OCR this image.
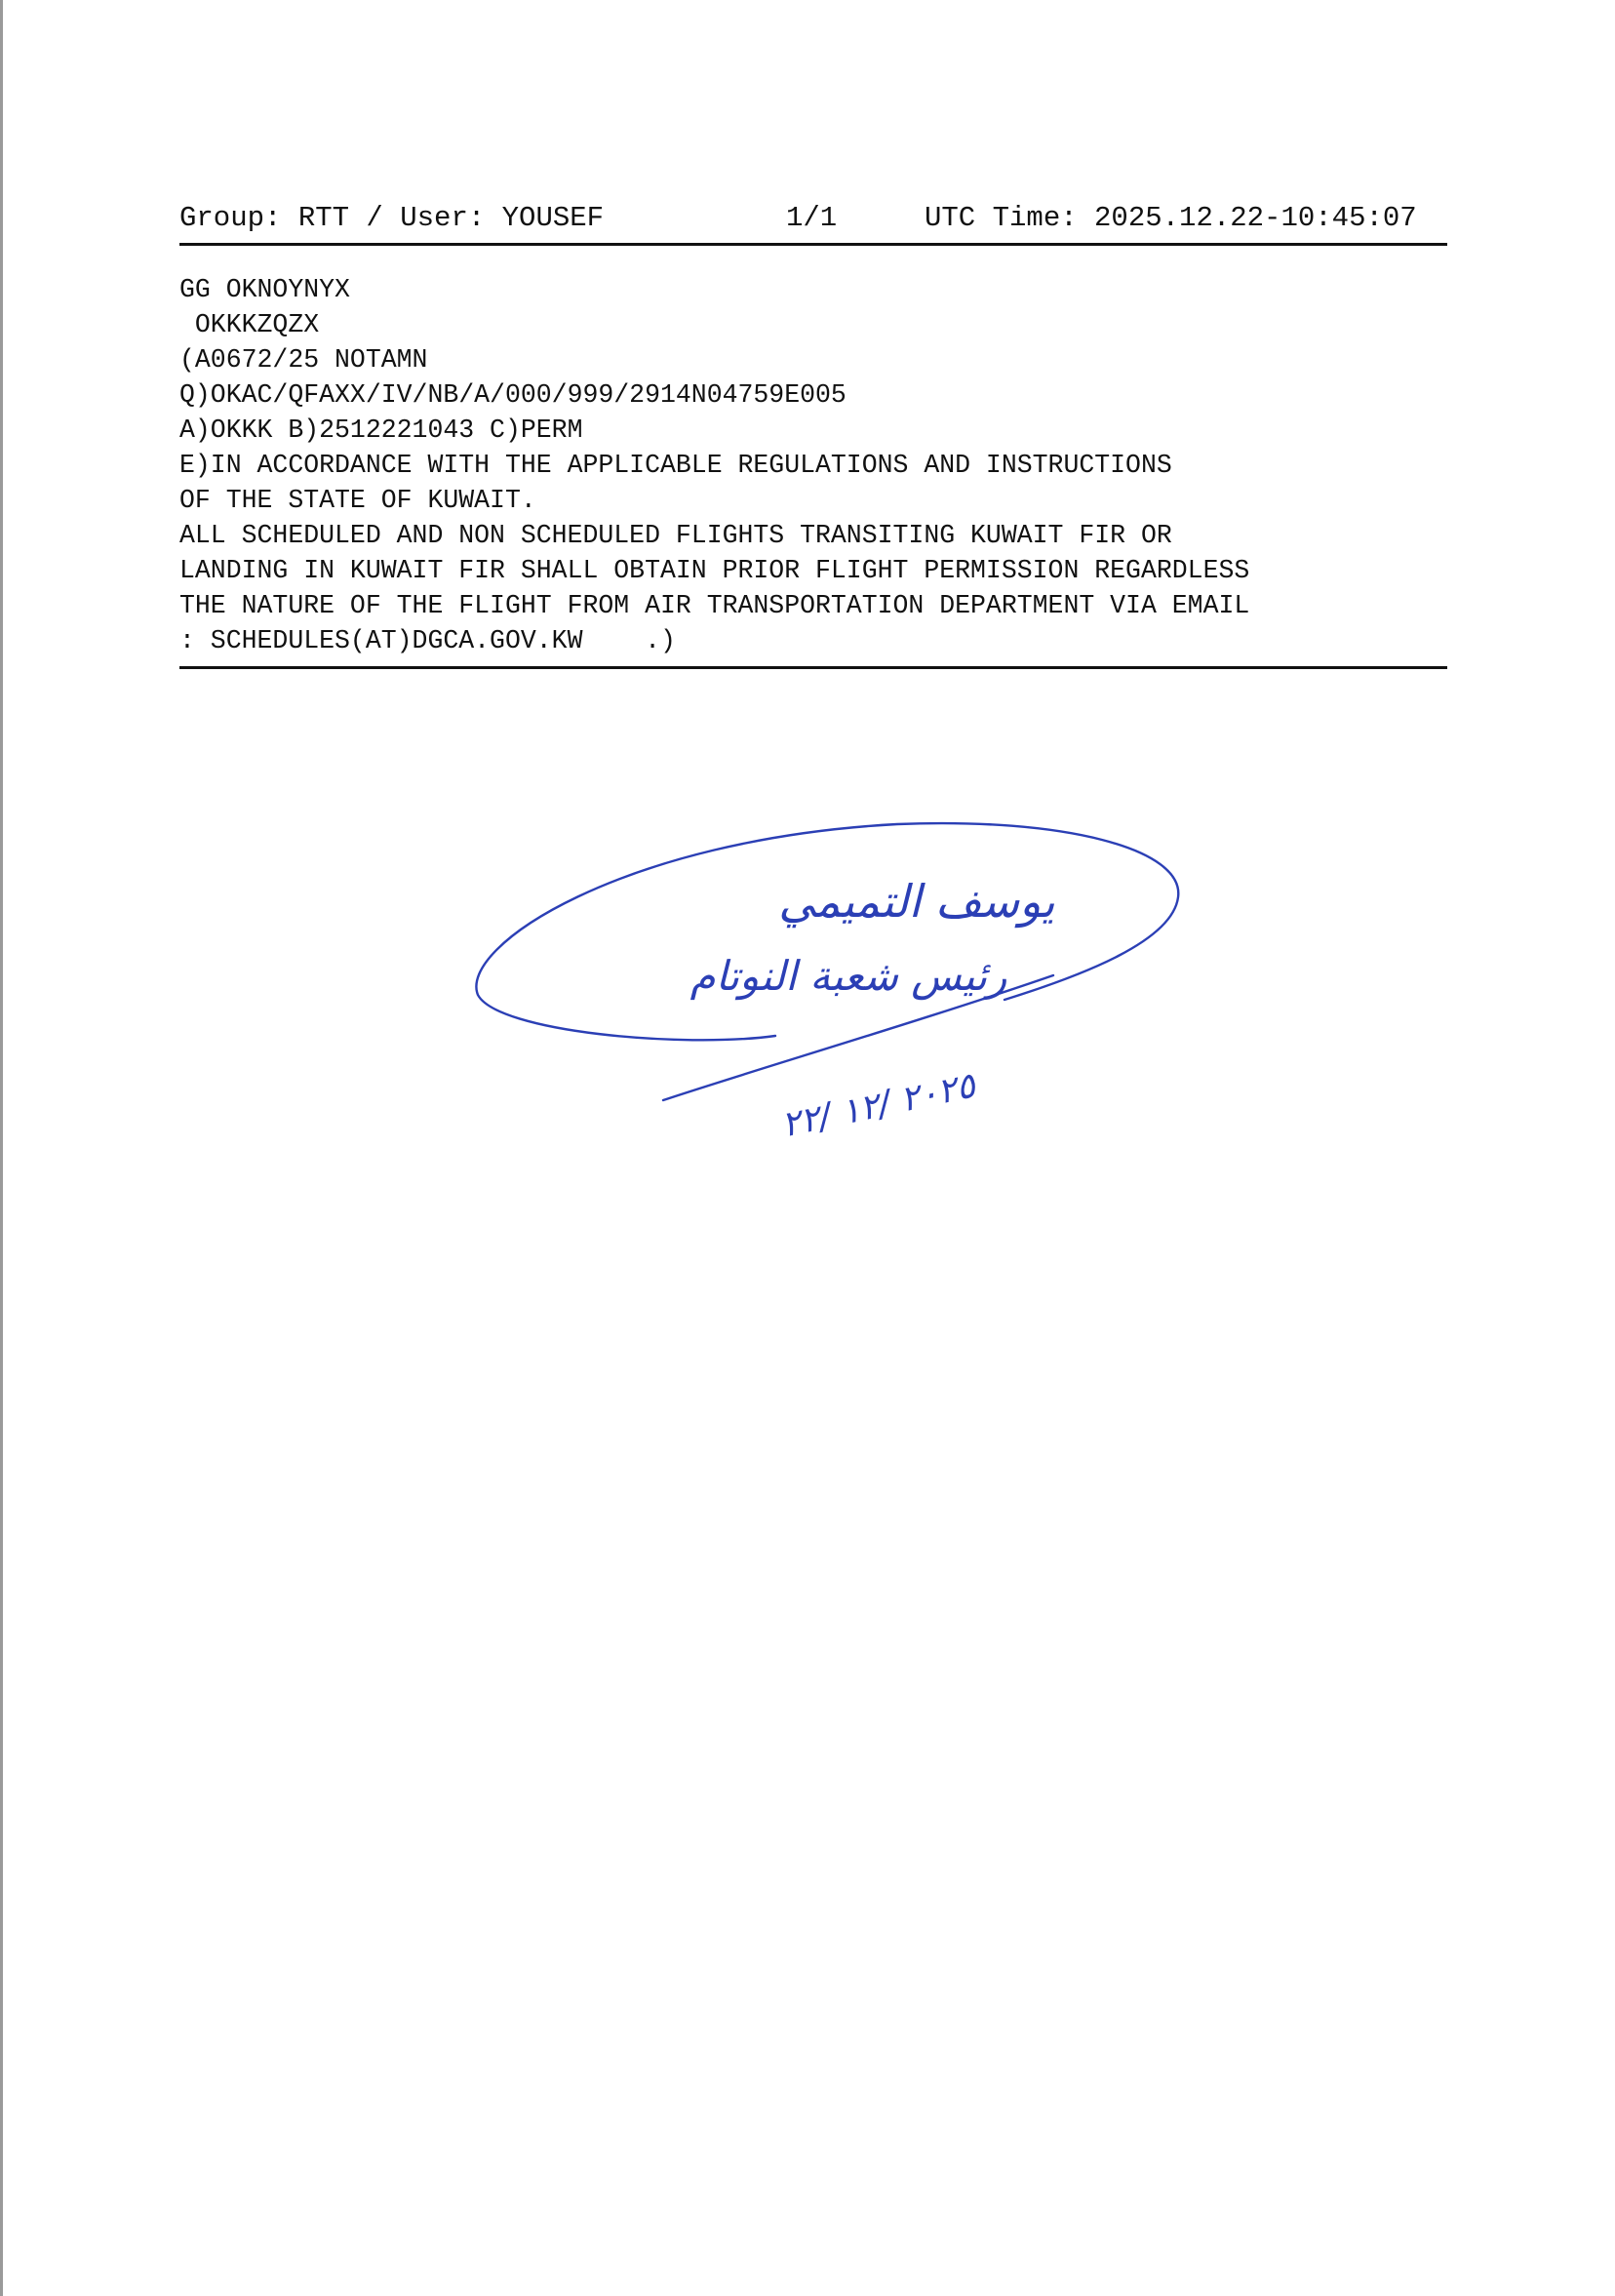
Group: RTT / User: YOUSEF	1/1	UTC Time: 2025.12.22-10:45:07
GG OKNOYNYX
OKKKZQZX
(A0672/25 NOTAMN
Q)OKAC/QFAXX/IV/NB/A/000/999/2914N04759E005
A)OKKK B)2512221043 C)PERM
E)IN ACCORDANCE WITH THE APPLICABLE REGULATIONS AND INSTRUCTIONS
OF THE STATE OF KUWAIT.
ALL SCHEDULED AND NON SCHEDULED FLIGHTS TRANSITING KUWAIT FIR OR
LANDING IN KUWAIT FIR SHALL OBTAIN PRIOR FLIGHT PERMISSION REGARDLESS
THE NATURE OF THE FLIGHT FROM AIR TRANSPORTATION DEPARTMENT VIA EMAIL
: SCHEDULES(AT)DGCA.GOV.KW    .)
يوسف التميمي
رئيس شعبة النوتام
٢٠٢٥ /١٢ /٢٢
